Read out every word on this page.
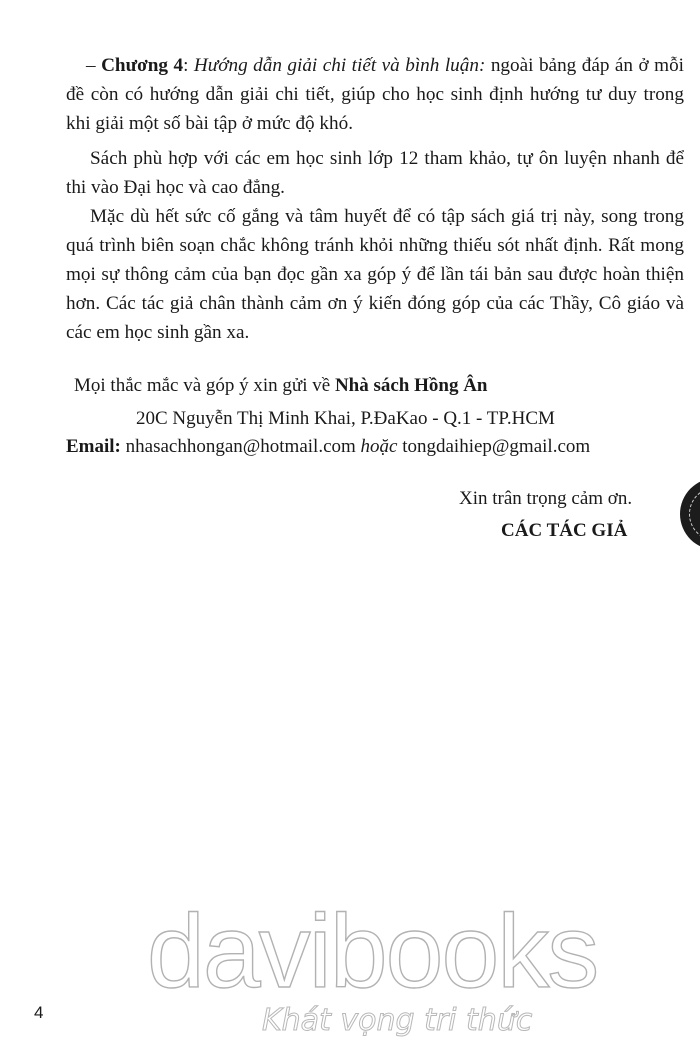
– Chương 4: Hướng dẫn giải chi tiết và bình luận: ngoài bảng đáp án ở mỗi đề còn có hướng dẫn giải chi tiết, giúp cho học sinh định hướng tư duy trong khi giải một số bài tập ở mức độ khó.

Sách phù hợp với các em học sinh lớp 12 tham khảo, tự ôn luyện nhanh để thi vào Đại học và cao đẳng.

Mặc dù hết sức cố gắng và tâm huyết để có tập sách giá trị này, song trong quá trình biên soạn chắc không tránh khỏi những thiếu sót nhất định. Rất mong mọi sự thông cảm của bạn đọc gần xa góp ý để lần tái bản sau được hoàn thiện hơn. Các tác giả chân thành cảm ơn ý kiến đóng góp của các Thầy, Cô giáo và các em học sinh gần xa.

Mọi thắc mắc và góp ý xin gửi về Nhà sách Hồng Ân
20C Nguyễn Thị Minh Khai, P.ĐaKao - Q.1 - TP.HCM
Email: nhasachhongan@hotmail.com hoặc tongdaihiep@gmail.com
Xin trân trọng cảm ơn.
CÁC TÁC GIẢ
davibooks
Khát vọng tri thức
4
